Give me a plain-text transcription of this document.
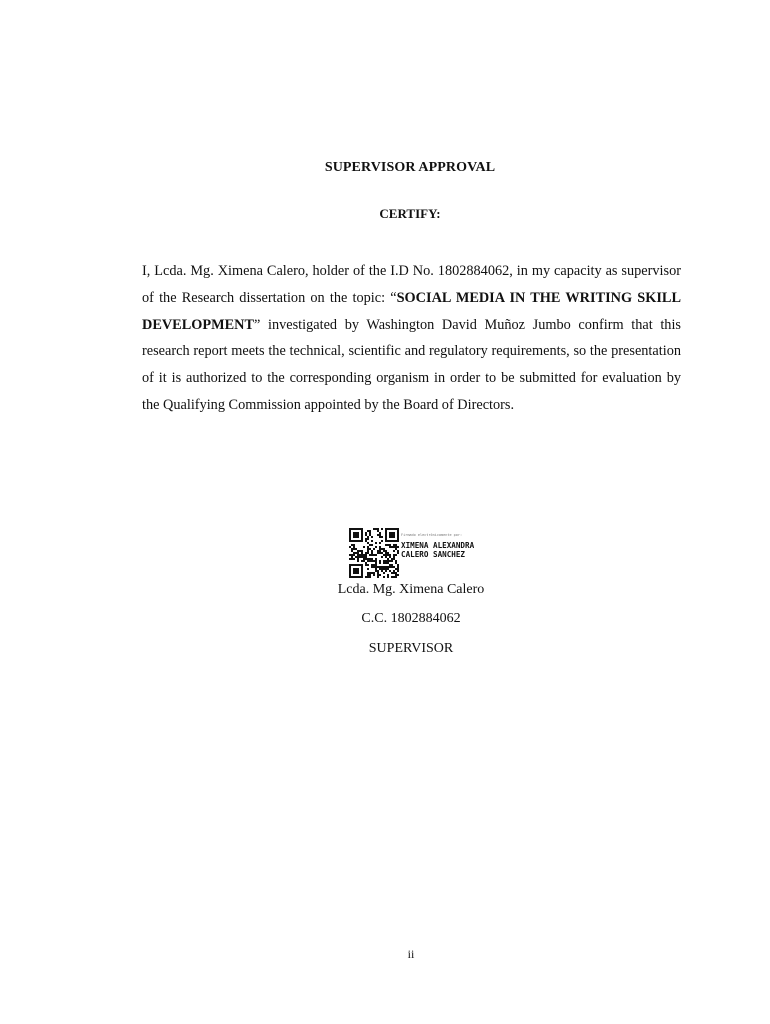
SUPERVISOR APPROVAL
CERTIFY:

I, Lcda. Mg. Ximena Calero, holder of the I.D No. 1802884062, in my capacity as supervisor of the Research dissertation on the topic: “SOCIAL MEDIA IN THE WRITING SKILL DEVELOPMENT” investigated by Washington David Muñoz Jumbo confirm that this research report meets the technical, scientific and regulatory requirements, so the presentation of it is authorized to the corresponding organism in order to be submitted for evaluation by the Qualifying Commission appointed by the Board of Directors.

Firmado electrónicamente por:
XIMENA ALEXANDRA
CALERO SANCHEZ
Lcda. Mg. Ximena Calero
C.C. 1802884062
SUPERVISOR
ii
